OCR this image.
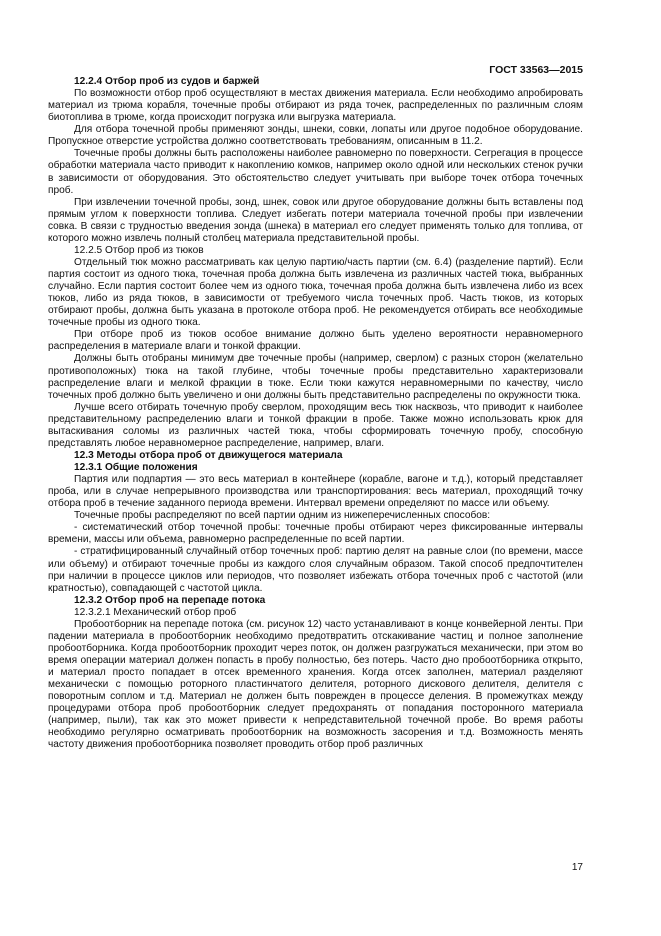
ГОСТ 33563—2015

12.2.4 Отбор проб из судов и баржей

По возможности отбор проб осуществляют в местах движения материала. Если необходимо апробировать материал из трюма корабля, точечные пробы отбирают из ряда точек, распределенных по различным слоям биотоплива в трюме, когда происходит погрузка или выгрузка материала.

Для отбора точечной пробы применяют зонды, шнеки, совки, лопаты или другое подобное оборудование. Пропускное отверстие устройства должно соответствовать требованиям, описанным в 11.2.

Точечные пробы должны быть расположены наиболее равномерно по поверхности. Сегрегация в процессе обработки материала часто приводит к накоплению комков, например около одной или нескольких стенок ручки в зависимости от оборудования. Это обстоятельство следует учитывать при выборе точек отбора точечных проб.

При извлечении точечной пробы, зонд, шнек, совок или другое оборудование должны быть вставлены под прямым углом к поверхности топлива. Следует избегать потери материала точечной пробы при извлечении совка. В связи с трудностью введения зонда (шнека) в материал его следует применять только для топлива, от которого можно извлечь полный столбец материала представительной пробы.

12.2.5 Отбор проб из тюков

Отдельный тюк можно рассматривать как целую партию/часть партии (см. 6.4) (разделение партий). Если партия состоит из одного тюка, точечная проба должна быть извлечена из различных частей тюка, выбранных случайно. Если партия состоит более чем из одного тюка, точечная проба должна быть извлечена либо из всех тюков, либо из ряда тюков, в зависимости от требуемого числа точечных проб. Часть тюков, из которых отбирают пробы, должна быть указана в протоколе отбора проб. Не рекомендуется отбирать все необходимые точечные пробы из одного тюка.

При отборе проб из тюков особое внимание должно быть уделено вероятности неравномерного распределения в материале влаги и тонкой фракции.

Должны быть отобраны минимум две точечные пробы (например, сверлом) с разных сторон (желательно противоположных) тюка на такой глубине, чтобы точечные пробы представительно характеризовали распределение влаги и мелкой фракции в тюке. Если тюки кажутся неравномерными по качеству, число точечных проб должно быть увеличено и они должны быть представительно распределены по окружности тюка.

Лучше всего отбирать точечную пробу сверлом, проходящим весь тюк насквозь, что приводит к наиболее представительному распределению влаги и тонкой фракции в пробе. Также можно использовать крюк для вытаскивания соломы из различных частей тюка, чтобы сформировать точечную пробу, способную представлять любое неравномерное распределение, например, влаги.

12.3 Методы отбора проб от движущегося материала

12.3.1 Общие положения

Партия или подпартия — это весь материал в контейнере (корабле, вагоне и т.д.), который представляет проба, или в случае непрерывного производства или транспортирования: весь материал, проходящий точку отбора проб в течение заданного периода времени. Интервал времени определяют по массе или объему.

Точечные пробы распределяют по всей партии одним из нижеперечисленных способов:

- систематический отбор точечной пробы: точечные пробы отбирают через фиксированные интервалы времени, массы или объема, равномерно распределенные по всей партии.

- стратифицированный случайный отбор точечных проб: партию делят на равные слои (по времени, массе или объему) и отбирают точечные пробы из каждого слоя случайным образом. Такой способ предпочтителен при наличии в процессе циклов или периодов, что позволяет избежать отбора точечных проб с частотой (или кратностью), совпадающей с частотой цикла.

12.3.2 Отбор проб на перепаде потока

12.3.2.1 Механический отбор проб

Пробоотборник на перепаде потока (см. рисунок 12) часто устанавливают в конце конвейерной ленты. При падении материала в пробоотборник необходимо предотвратить отскакивание частиц и полное заполнение пробоотборника. Когда пробоотборник проходит через поток, он должен разгружаться механически, при этом во время операции материал должен попасть в пробу полностью, без потерь. Часто дно пробоотборника открыто, и материал просто попадает в отсек временного хранения. Когда отсек заполнен, материал разделяют механически с помощью роторного пластинчатого делителя, роторного дискового делителя, делителя с поворотным соплом и т.д. Материал не должен быть поврежден в процессе деления. В промежутках между процедурами отбора проб пробоотборник следует предохранять от попадания посторонного материала (например, пыли), так как это может привести к непредставительной точечной пробе. Во время работы необходимо регулярно осматривать пробоотборник на возможность засорения и т.д. Возможность менять частоту движения пробоотборника позволяет проводить отбор проб различных

17
